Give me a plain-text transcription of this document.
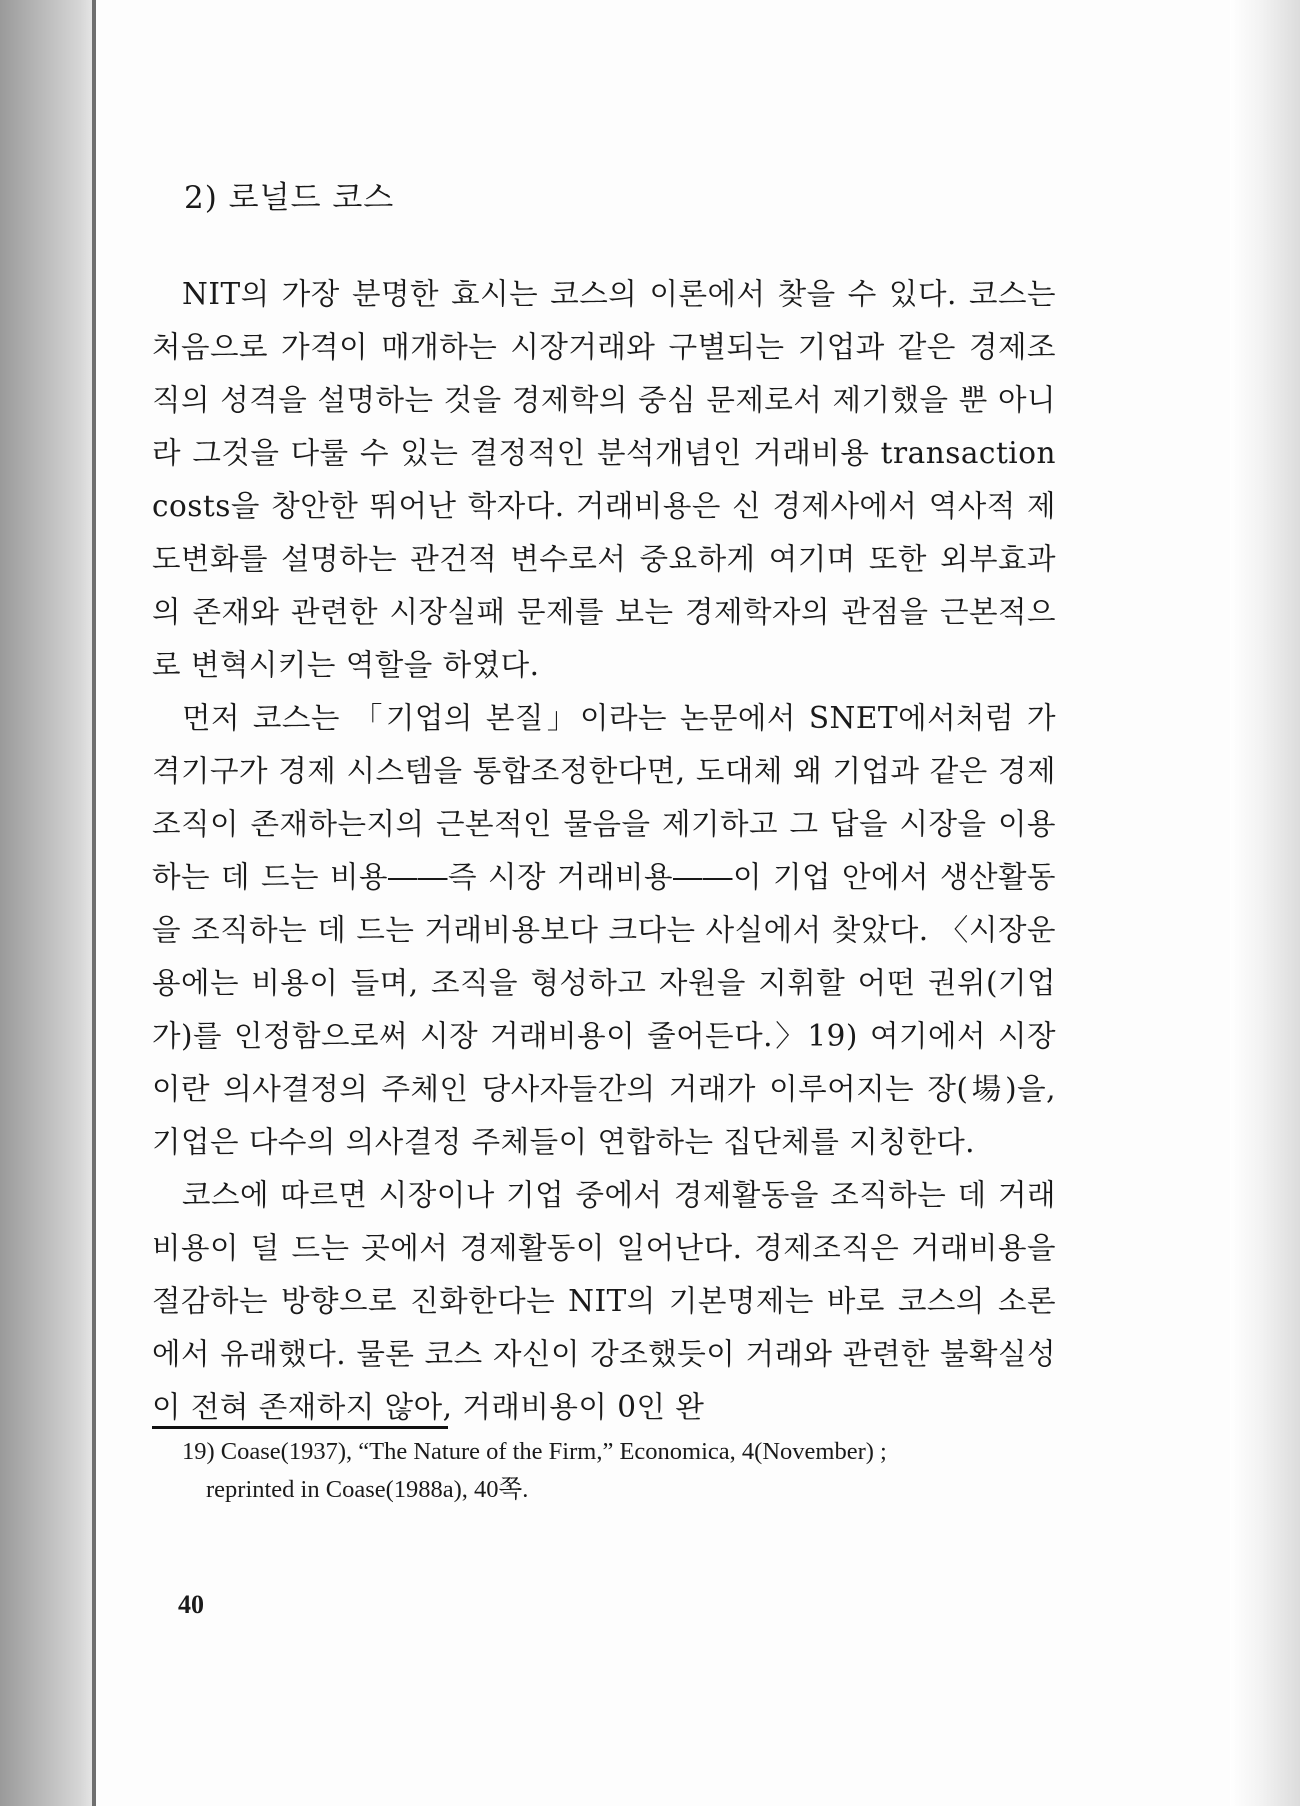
2) 로널드 코스

NIT의 가장 분명한 효시는 코스의 이론에서 찾을 수 있다. 코스는 처음으로 가격이 매개하는 시장거래와 구별되는 기업과 같은 경제조직의 성격을 설명하는 것을 경제학의 중심 문제로서 제기했을 뿐 아니라 그것을 다룰 수 있는 결정적인 분석개념인 거래비용 transaction costs을 창안한 뛰어난 학자다. 거래비용은 신 경제사에서 역사적 제도변화를 설명하는 관건적 변수로서 중요하게 여기며 또한 외부효과의 존재와 관련한 시장실패 문제를 보는 경제학자의 관점을 근본적으로 변혁시키는 역할을 하였다.

먼저 코스는 「기업의 본질」이라는 논문에서 SNET에서처럼 가격기구가 경제 시스템을 통합조정한다면, 도대체 왜 기업과 같은 경제조직이 존재하는지의 근본적인 물음을 제기하고 그 답을 시장을 이용하는 데 드는 비용――즉 시장 거래비용――이 기업 안에서 생산활동을 조직하는 데 드는 거래비용보다 크다는 사실에서 찾았다. 〈시장운용에는 비용이 들며, 조직을 형성하고 자원을 지휘할 어떤 권위(기업가)를 인정함으로써 시장 거래비용이 줄어든다.〉19) 여기에서 시장이란 의사결정의 주체인 당사자들간의 거래가 이루어지는 장(場)을, 기업은 다수의 의사결정 주체들이 연합하는 집단체를 지칭한다.

코스에 따르면 시장이나 기업 중에서 경제활동을 조직하는 데 거래비용이 덜 드는 곳에서 경제활동이 일어난다. 경제조직은 거래비용을 절감하는 방향으로 진화한다는 NIT의 기본명제는 바로 코스의 소론에서 유래했다. 물론 코스 자신이 강조했듯이 거래와 관련한 불확실성이 전혀 존재하지 않아, 거래비용이 0인 완

19) Coase(1937), “The Nature of the Firm,” Economica, 4(November) ;
reprinted in Coase(1988a), 40쪽.
40
